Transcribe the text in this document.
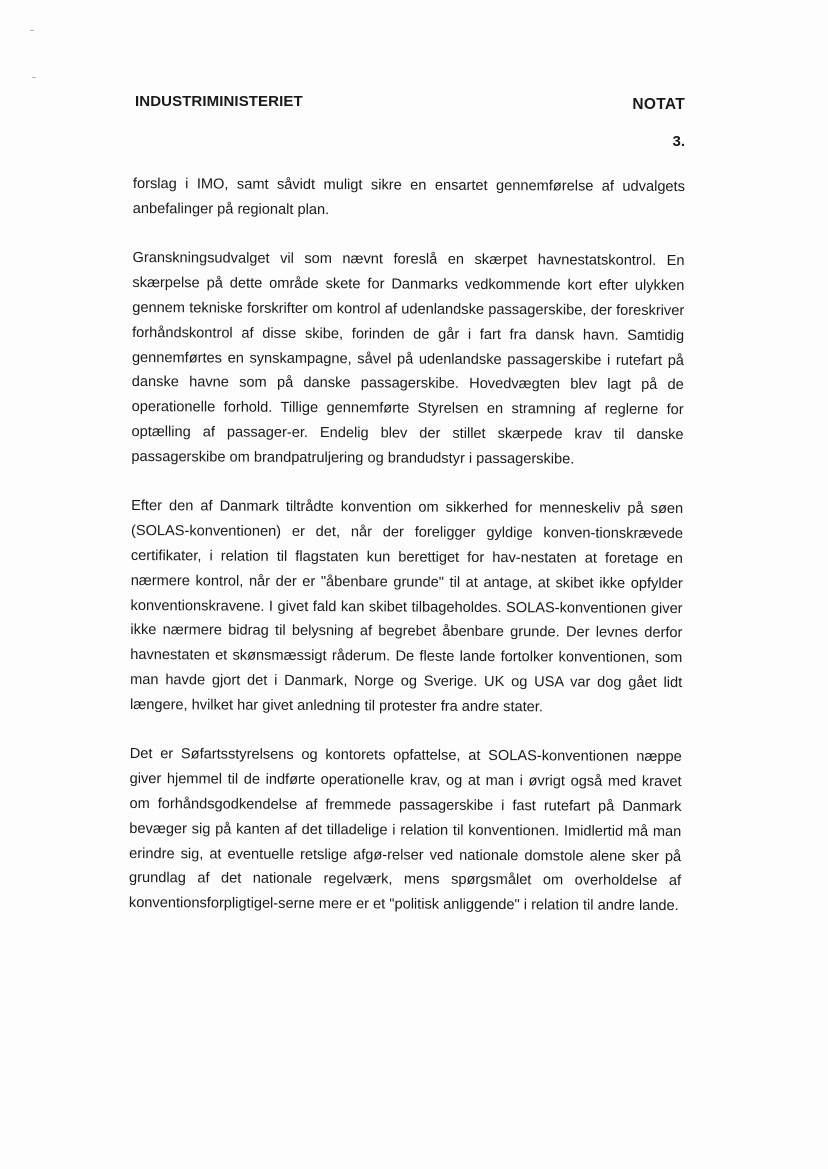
INDUSTRIMINISTERIET	NOTAT
3.

forslag i IMO, samt såvidt muligt sikre en ensartet gennemførelse af udvalgets anbefalinger på regionalt plan.

Granskningsudvalget vil som nævnt foreslå en skærpet havnestatskontrol. En skærpelse på dette område skete for Danmarks vedkommende kort efter ulykken gennem tekniske forskrifter om kontrol af udenlandske passagerskibe, der foreskriver forhåndskontrol af disse skibe, forinden de går i fart fra dansk havn. Samtidig gennemførtes en synskampagne, såvel på udenlandske passagerskibe i rutefart på danske havne som på danske passagerskibe. Hovedvægten blev lagt på de operationelle forhold. Tillige gennemførte Styrelsen en stramning af reglerne for optælling af passager-er. Endelig blev der stillet skærpede krav til danske passagerskibe om brandpatruljering og brandudstyr i passagerskibe.

Efter den af Danmark tiltrådte konvention om sikkerhed for menneskeliv på søen (SOLAS-konventionen) er det, når der foreligger gyldige konven-tionskrævede certifikater, i relation til flagstaten kun berettiget for hav-nestaten at foretage en nærmere kontrol, når der er "åbenbare grunde" til at antage, at skibet ikke opfylder konventionskravene. I givet fald kan skibet tilbageholdes. SOLAS-konventionen giver ikke nærmere bidrag til belysning af begrebet åbenbare grunde. Der levnes derfor havnestaten et skønsmæssigt råderum. De fleste lande fortolker konventionen, som man havde gjort det i Danmark, Norge og Sverige. UK og USA var dog gået lidt længere, hvilket har givet anledning til protester fra andre stater.

Det er Søfartsstyrelsens og kontorets opfattelse, at SOLAS-konventionen næppe giver hjemmel til de indførte operationelle krav, og at man i øvrigt også med kravet om forhåndsgodkendelse af fremmede passagerskibe i fast rutefart på Danmark bevæger sig på kanten af det tilladelige i relation til konventionen. Imidlertid må man erindre sig, at eventuelle retslige afgø-relser ved nationale domstole alene sker på grundlag af det nationale regelværk, mens spørgsmålet om overholdelse af konventionsforpligtigel-serne mere er et "politisk anliggende" i relation til andre lande.
